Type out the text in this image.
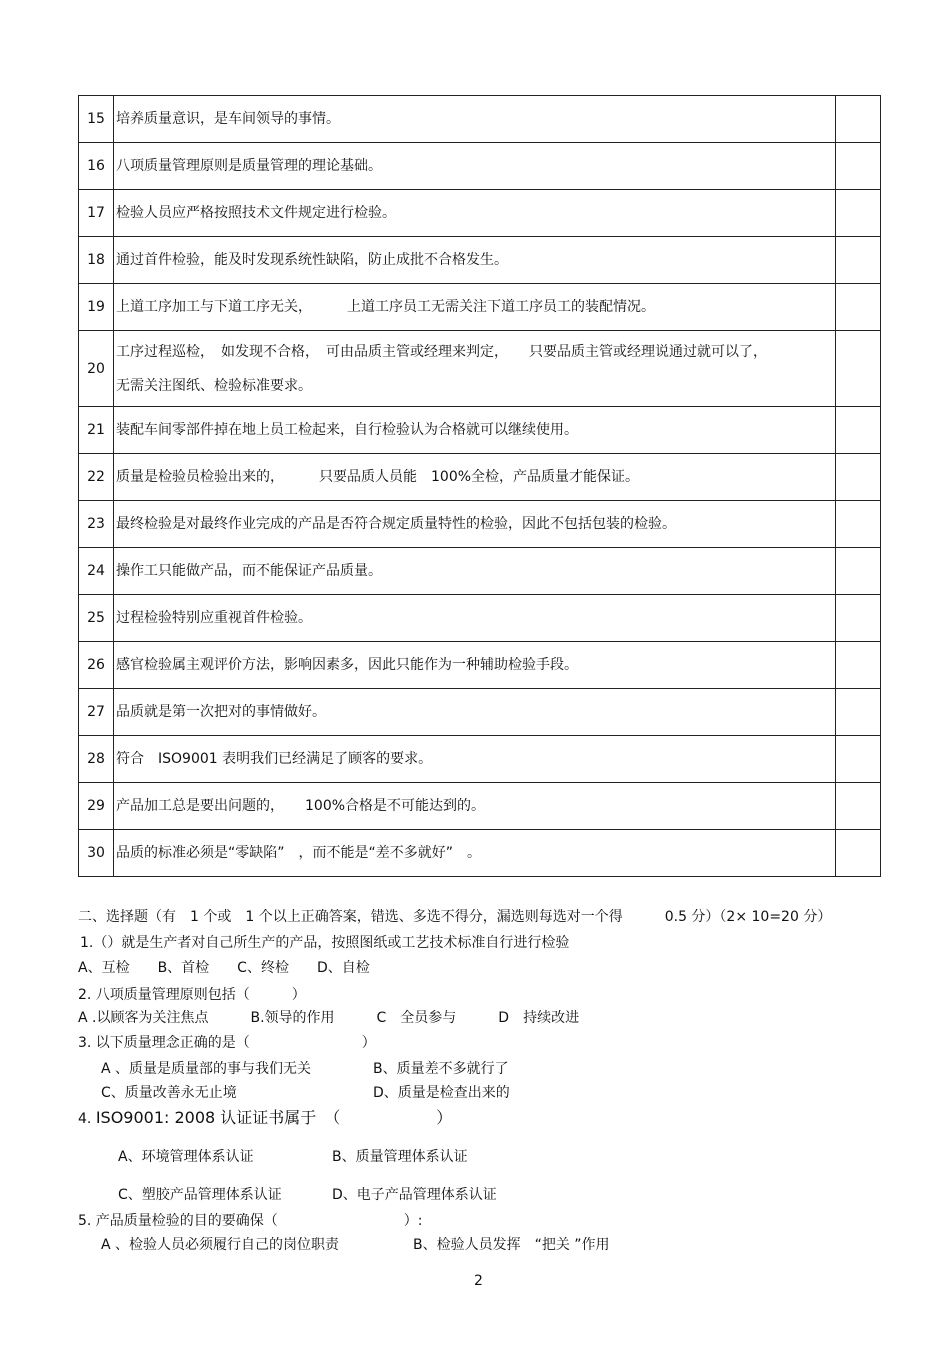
15	培养质量意识，是车间领导的事情。	

16	八项质量管理原则是质量管理的理论基础。	

17	检验人员应严格按照技术文件规定进行检验。	

18	通过首件检验，能及时发现系统性缺陷，防止成批不合格发生。	

19	上道工序加工与下道工序无关，　　　上道工序员工无需关注下道工序员工的装配情况。	

20	工序过程巡检，　如发现不合格，　可由品质主管或经理来判定，　　只要品质主管或经理说通过就可以了，
无需关注图纸、检验标准要求。	

21	装配车间零部件掉在地上员工检起来，自行检验认为合格就可以继续使用。	

22	质量是检验员检验出来的，　　　只要品质人员能　100%全检，产品质量才能保证。	

23	最终检验是对最终作业完成的产品是否符合规定质量特性的检验，因此不包括包装的检验。	

24	操作工只能做产品，而不能保证产品质量。	

25	过程检验特别应重视首件检验。	

26	感官检验属主观评价方法，影响因素多，因此只能作为一种辅助检验手段。	

27	品质就是第一次把对的事情做好。	

28	符合　ISO9001 表明我们已经满足了顾客的要求。	

29	产品加工总是要出问题的，　　100%合格是不可能达到的。	

30	品质的标准必须是“零缺陷”　，而不能是“差不多就好”　。	

二、选择题（有　1 个或　1 个以上正确答案，错选、多选不得分，漏选则每选对一个得　　　0.5 分）（2× 10=20 分）
1.（）就是生产者对自己所生产的产品，按照图纸或工艺技术标准自行进行检验
A、互检　　B、首检　　C、终检　　D、自检
2. 八项质量管理原则包括（　　　）
A .以顾客为关注焦点　　　B.领导的作用　　　C　全员参与　　　D　持续改进
3. 以下质量理念正确的是（　　　　　　　　）
A 、质量是质量部的事与我们无关	B、质量差不多就行了
C、质量改善永无止境	D、质量是检查出来的
4. ISO9001: 2008 认证证书属于　（　　　　　　）
A、环境管理体系认证	B、质量管理体系认证
C、塑胶产品管理体系认证	D、电子产品管理体系认证
5. 产品质量检验的目的要确保（　　　　　　　　　）:
A 、检验人员必须履行自己的岗位职责	B、检验人员发挥　“把关 ”作用
2
